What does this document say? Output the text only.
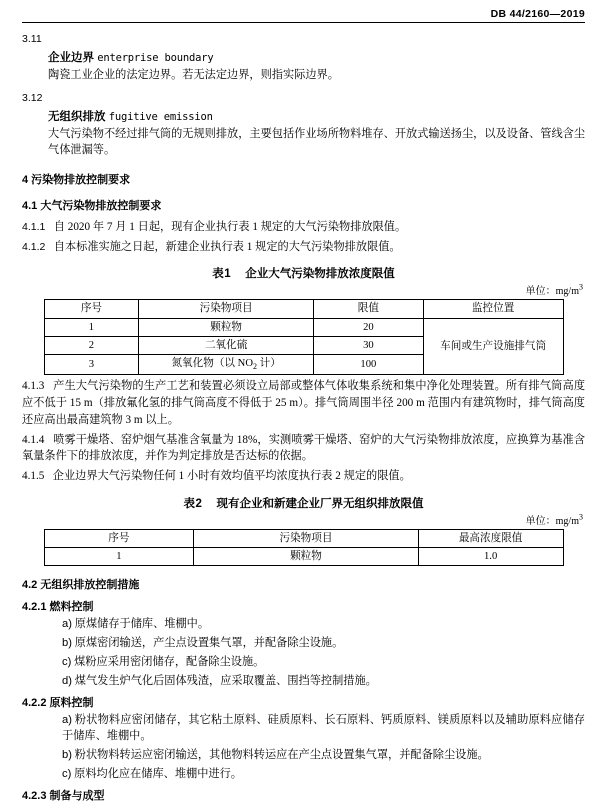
DB 44/2160—2019
3.11
企业边界 enterprise boundary
陶瓷工业企业的法定边界。若无法定边界，则指实际边界。
3.12
无组织排放 fugitive emission
大气污染物不经过排气筒的无规则排放，主要包括作业场所物料堆存、开放式输送扬尘，以及设备、管线含尘气体泄漏等。
4 污染物排放控制要求
4.1 大气污染物排放控制要求
4.1.1 自 2020 年 7 月 1 日起，现有企业执行表 1 规定的大气污染物排放限值。
4.1.2 自本标准实施之日起，新建企业执行表 1 规定的大气污染物排放限值。
表1 企业大气污染物排放浓度限值
单位：$mg/m^3$
序号	污染物项目	限值	监控位置
1	颗粒物	20	车间或生产设施排气筒
2	二氧化硫	30	
3	氮氧化物（以 $NO_2$ 计）	100	
4.1.3 产生大气污染物的生产工艺和装置必须设立局部或整体气体收集系统和集中净化处理装置。所有排气筒高度应不低于 15 m（排放氟化氢的排气筒高度不得低于 25 m）。排气筒周围半径 200 m 范围内有建筑物时，排气筒高度还应高出最高建筑物 3 m 以上。
4.1.4 喷雾干燥塔、窑炉烟气基准含氧量为 18%，实测喷雾干燥塔、窑炉的大气污染物排放浓度，应换算为基准含氧量条件下的排放浓度，并作为判定排放是否达标的依据。
4.1.5 企业边界大气污染物任何 1 小时有效均值平均浓度执行表 2 规定的限值。
表2 现有企业和新建企业厂界无组织排放限值
单位：$mg/m^3$
序号	污染物项目	最高浓度限值
1	颗粒物	1.0
4.2 无组织排放控制措施
4.2.1 燃料控制
a) 原煤储存于储库、堆棚中。
b) 原煤密闭输送，产尘点设置集气罩，并配备除尘设施。
c) 煤粉应采用密闭储存，配备除尘设施。
d) 煤气发生炉气化后固体残渣，应采取覆盖、围挡等控制措施。
4.2.2 原料控制
a) 粉状物料应密闭储存，其它粘土原料、硅质原料、长石原料、钙质原料、镁质原料以及辅助原料应储存于储库、堆棚中。
b) 粉状物料转运应密闭输送，其他物料转运应在产尘点设置集气罩，并配备除尘设施。
c) 原料均化应在储库、堆棚中进行。
4.2.3 制备与成型
